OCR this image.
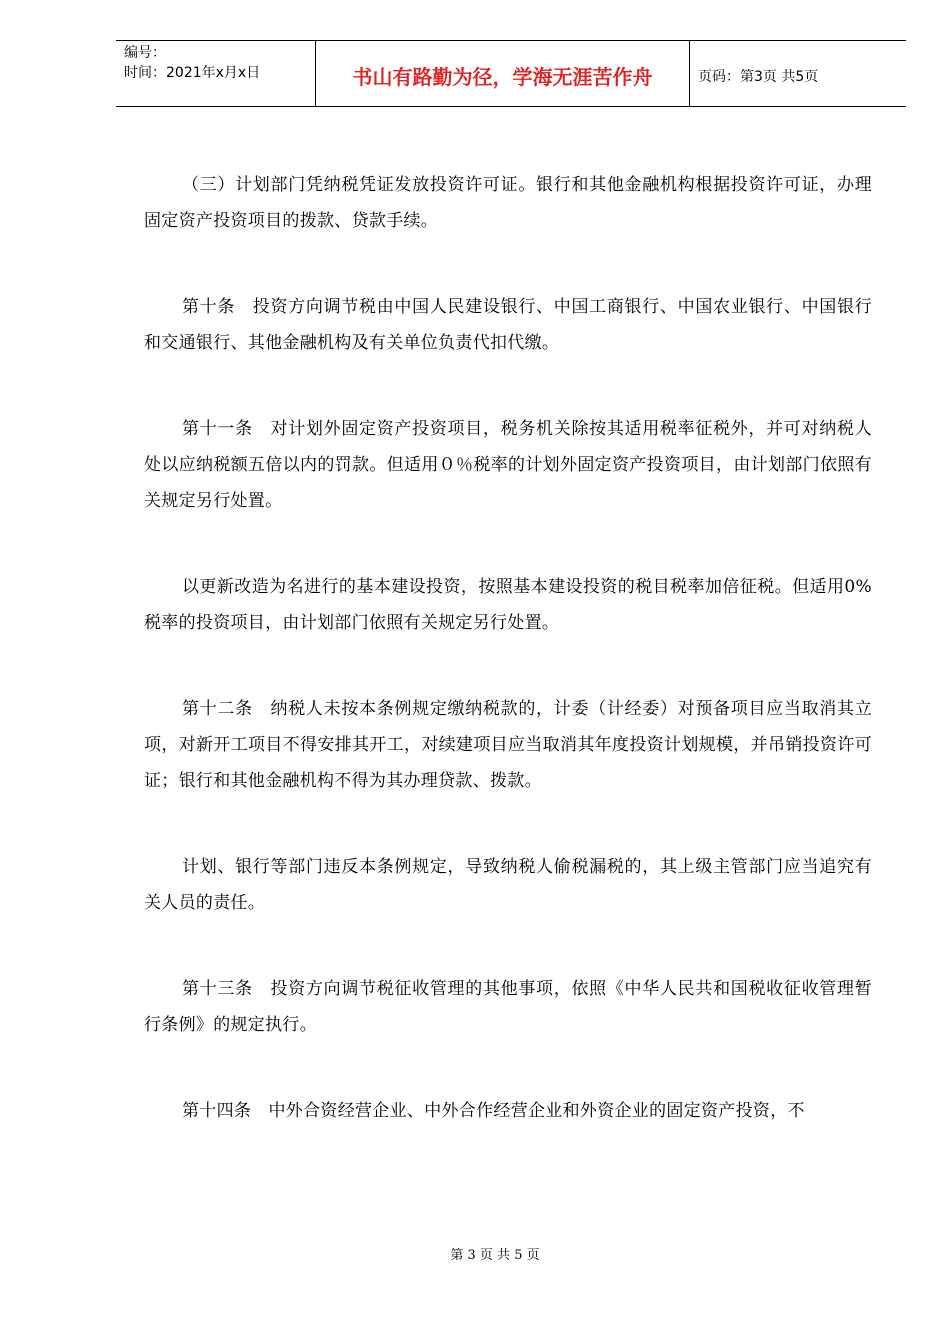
编号：
时间：2021年x月x日	书山有路勤为径，学海无涯苦作舟	页码：第3页 共5页

（三）计划部门凭纳税凭证发放投资许可证。银行和其他金融机构根据投资许可证，办理固定资产投资项目的拨款、贷款手续。

第十条　投资方向调节税由中国人民建设银行、中国工商银行、中国农业银行、中国银行和交通银行、其他金融机构及有关单位负责代扣代缴。

第十一条　对计划外固定资产投资项目，税务机关除按其适用税率征税外，并可对纳税人处以应纳税额五倍以内的罚款。但适用０％税率的计划外固定资产投资项目，由计划部门依照有关规定另行处置。

以更新改造为名进行的基本建设投资，按照基本建设投资的税目税率加倍征税。但适用0%税率的投资项目，由计划部门依照有关规定另行处置。

第十二条　纳税人未按本条例规定缴纳税款的，计委（计经委）对预备项目应当取消其立项，对新开工项目不得安排其开工，对续建项目应当取消其年度投资计划规模，并吊销投资许可证；银行和其他金融机构不得为其办理贷款、拨款。

计划、银行等部门违反本条例规定，导致纳税人偷税漏税的，其上级主管部门应当追究有关人员的责任。

第十三条　投资方向调节税征收管理的其他事项，依照《中华人民共和国税收征收管理暂行条例》的规定执行。

第十四条　中外合资经营企业、中外合作经营企业和外资企业的固定资产投资，不

第 3 页 共 5 页
